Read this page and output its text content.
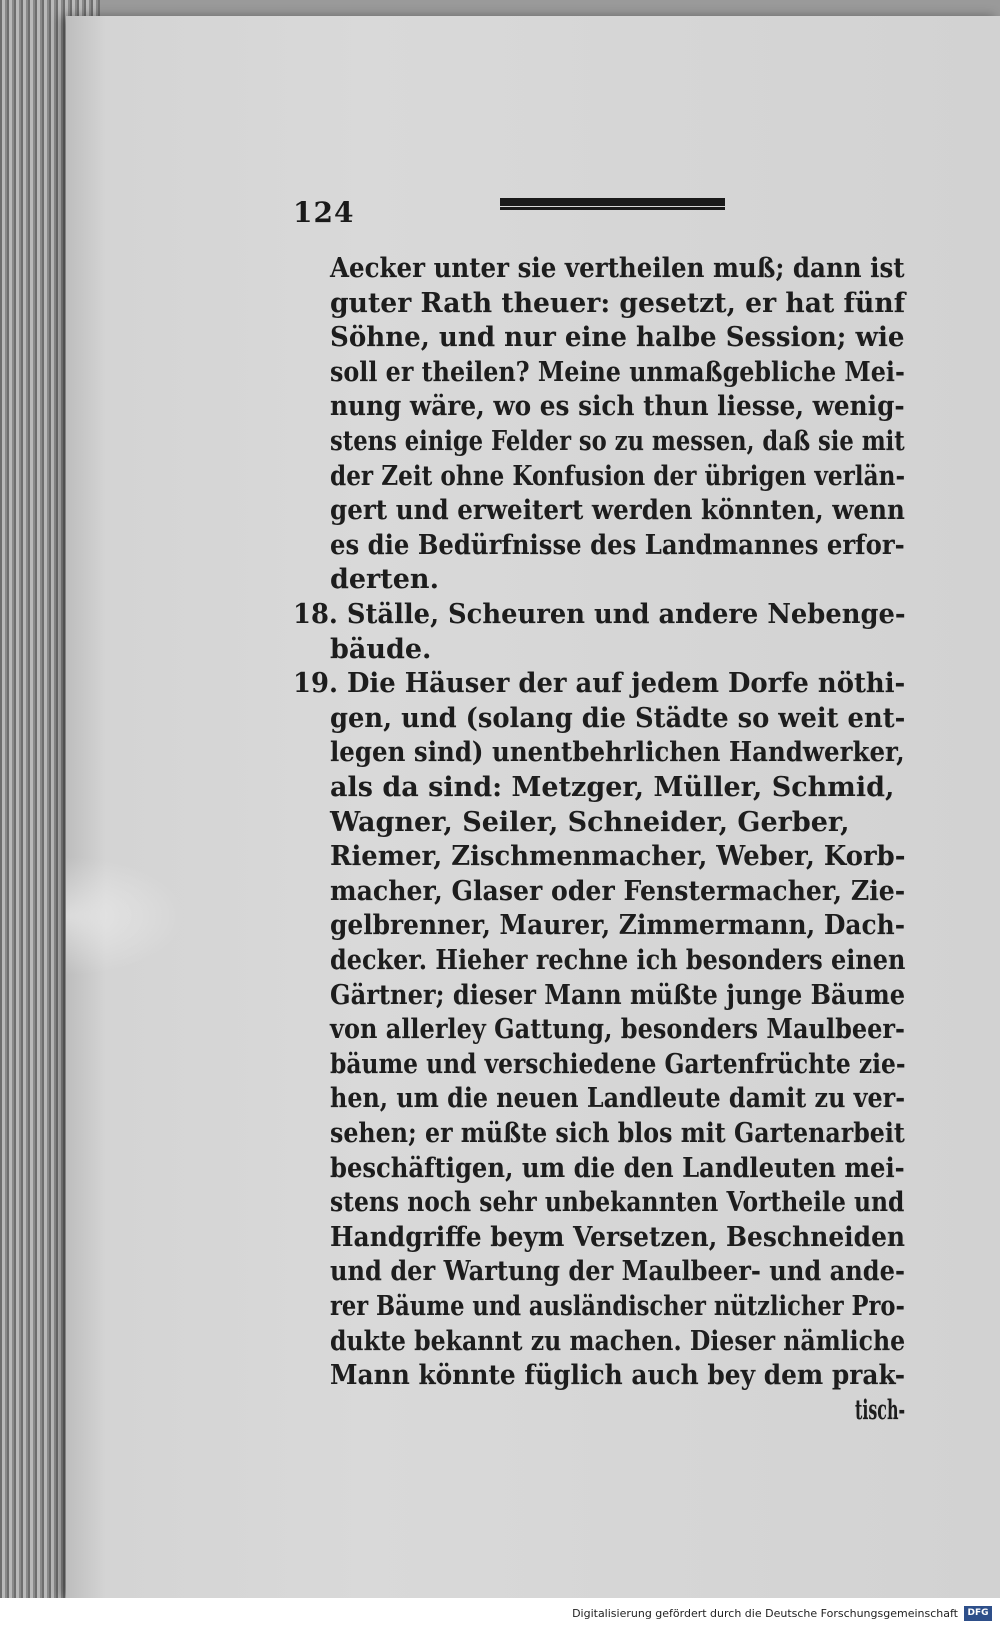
124
Aecker unter sie vertheilen muß; dann ist
guter Rath theuer: gesetzt, er hat fünf
Söhne, und nur eine halbe Session; wie
soll er theilen? Meine unmaßgebliche Mei-
nung wäre, wo es sich thun liesse, wenig-
stens einige Felder so zu messen, daß sie mit
der Zeit ohne Konfusion der übrigen verlän-
gert und erweitert werden könnten, wenn
es die Bedürfnisse des Landmannes erfor-
derten.
18. Ställe, Scheuren und andere Nebenge-
bäude.
19. Die Häuser der auf jedem Dorfe nöthi-
gen, und (solang die Städte so weit ent-
legen sind) unentbehrlichen Handwerker,
als da sind: Metzger, Müller, Schmid,
Wagner, Seiler, Schneider, Gerber,
Riemer, Zischmenmacher, Weber, Korb-
macher, Glaser oder Fenstermacher, Zie-
gelbrenner, Maurer, Zimmermann, Dach-
decker. Hieher rechne ich besonders einen
Gärtner; dieser Mann müßte junge Bäume
von allerley Gattung, besonders Maulbeer-
bäume und verschiedene Gartenfrüchte zie-
hen, um die neuen Landleute damit zu ver-
sehen; er müßte sich blos mit Gartenarbeit
beschäftigen, um die den Landleuten mei-
stens noch sehr unbekannten Vortheile und
Handgriffe beym Versetzen, Beschneiden
und der Wartung der Maulbeer- und ande-
rer Bäume und ausländischer nützlicher Pro-
dukte bekannt zu machen. Dieser nämliche
Mann könnte füglich auch bey dem prak-
tisch-
Digitalisierung gefördert durch die Deutsche Forschungsgemeinschaft	DFG
